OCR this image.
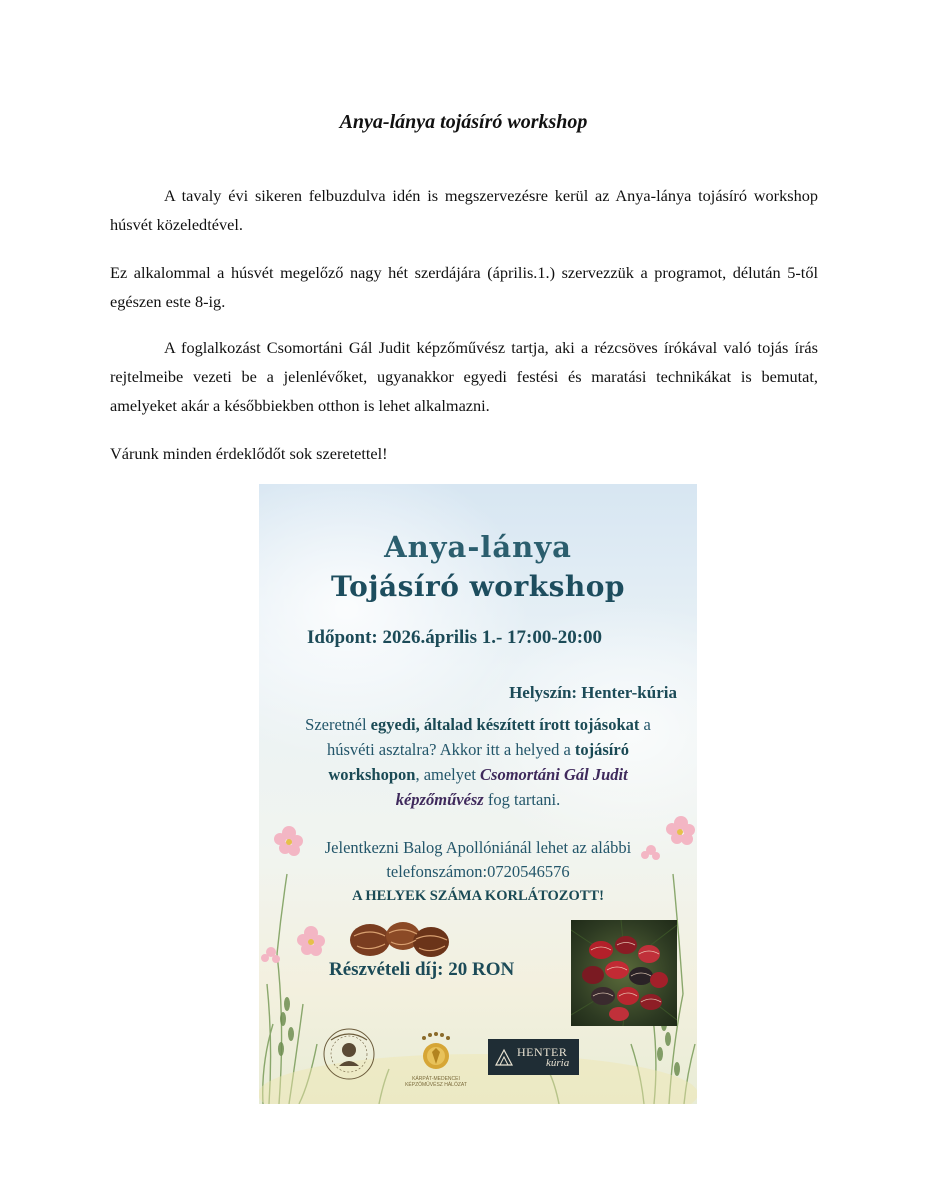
Anya-lánya tojásíró workshop

A tavaly évi sikeren felbuzdulva idén is megszervezésre kerül az Anya-lánya tojásíró workshop húsvét közeledtével.

Ez alkalommal a húsvét megelőző nagy hét szerdájára (április.1.) szervezzük a programot, délután 5-től egészen este 8-ig.

A foglalkozást Csomortáni Gál Judit képzőművész tartja, aki a rézcsöves írókával való tojás írás rejtelmeibe vezeti be a jelenlévőket, ugyanakkor egyedi festési és maratási technikákat is bemutat, amelyeket akár a későbbiekben otthon is lehet alkalmazni.

Várunk minden érdeklődőt sok szeretettel!

Anya-lánya
Tojásíró workshop
Időpont: 2026.április 1.- 17:00-20:00
Helyszín: Henter-kúria
Szeretnél egyedi, általad készített írott tojásokat a húsvéti asztalra? Akkor itt a helyed a tojásíró workshopon, amelyet Csomortáni Gál Judit képzőművész fog tartani.
Jelentkezni Balog Apollóniánál lehet az alábbi
telefonszámon:0720546576
A HELYEK SZÁMA KORLÁTOZOTT!
Részvételi díj: 20 RON
KÁRPÁT-MEDENCEI KÉPZŐMŰVÉSZ HÁLÓZAT
HENTER
kúria
